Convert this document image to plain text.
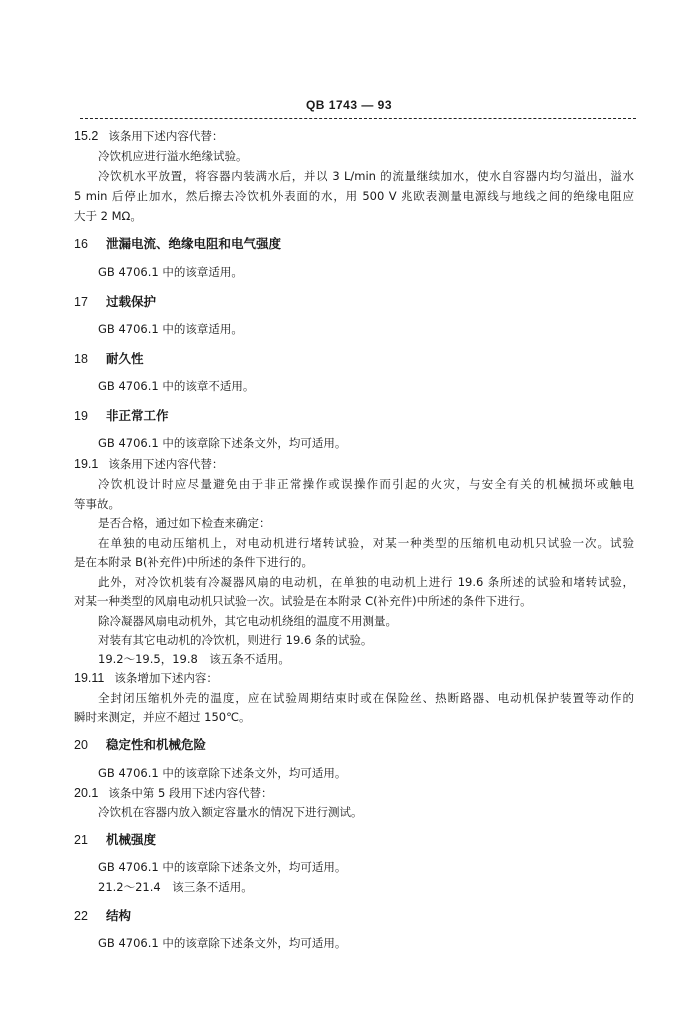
QB 1743 — 93
15.2 该条用下述内容代替：
冷饮机应进行溢水绝缘试验。
冷饮机水平放置，将容器内装满水后，并以 3 L/min 的流量继续加水，使水自容器内均匀溢出，溢水
5 min 后停止加水，然后擦去冷饮机外表面的水，用 500 V 兆欧表测量电源线与地线之间的绝缘电阻应
大于 2 MΩ。
16 泄漏电流、绝缘电阻和电气强度
GB 4706.1 中的该章适用。
17 过载保护
GB 4706.1 中的该章适用。
18 耐久性
GB 4706.1 中的该章不适用。
19 非正常工作
GB 4706.1 中的该章除下述条文外，均可适用。
19.1 该条用下述内容代替：
冷饮机设计时应尽量避免由于非正常操作或误操作而引起的火灾，与安全有关的机械损坏或触电
等事故。
是否合格，通过如下检查来确定：
在单独的电动压缩机上，对电动机进行堵转试验，对某一种类型的压缩机电动机只试验一次。试验
是在本附录 B(补充件)中所述的条件下进行的。
此外，对冷饮机装有冷凝器风扇的电动机，在单独的电动机上进行 19.6 条所述的试验和堵转试验，
对某一种类型的风扇电动机只试验一次。试验是在本附录 C(补充件)中所述的条件下进行。
除冷凝器风扇电动机外，其它电动机绕组的温度不用测量。
对装有其它电动机的冷饮机，则进行 19.6 条的试验。
19.2～19.5，19.8　该五条不适用。
19.11 该条增加下述内容：
全封闭压缩机外壳的温度，应在试验周期结束时或在保险丝、热断路器、电动机保护装置等动作的
瞬时来测定，并应不超过 150℃。
20 稳定性和机械危险
GB 4706.1 中的该章除下述条文外，均可适用。
20.1 该条中第 5 段用下述内容代替：
冷饮机在容器内放入额定容量水的情况下进行测试。
21 机械强度
GB 4706.1 中的该章除下述条文外，均可适用。
21.2～21.4　该三条不适用。
22 结构
GB 4706.1 中的该章除下述条文外，均可适用。
